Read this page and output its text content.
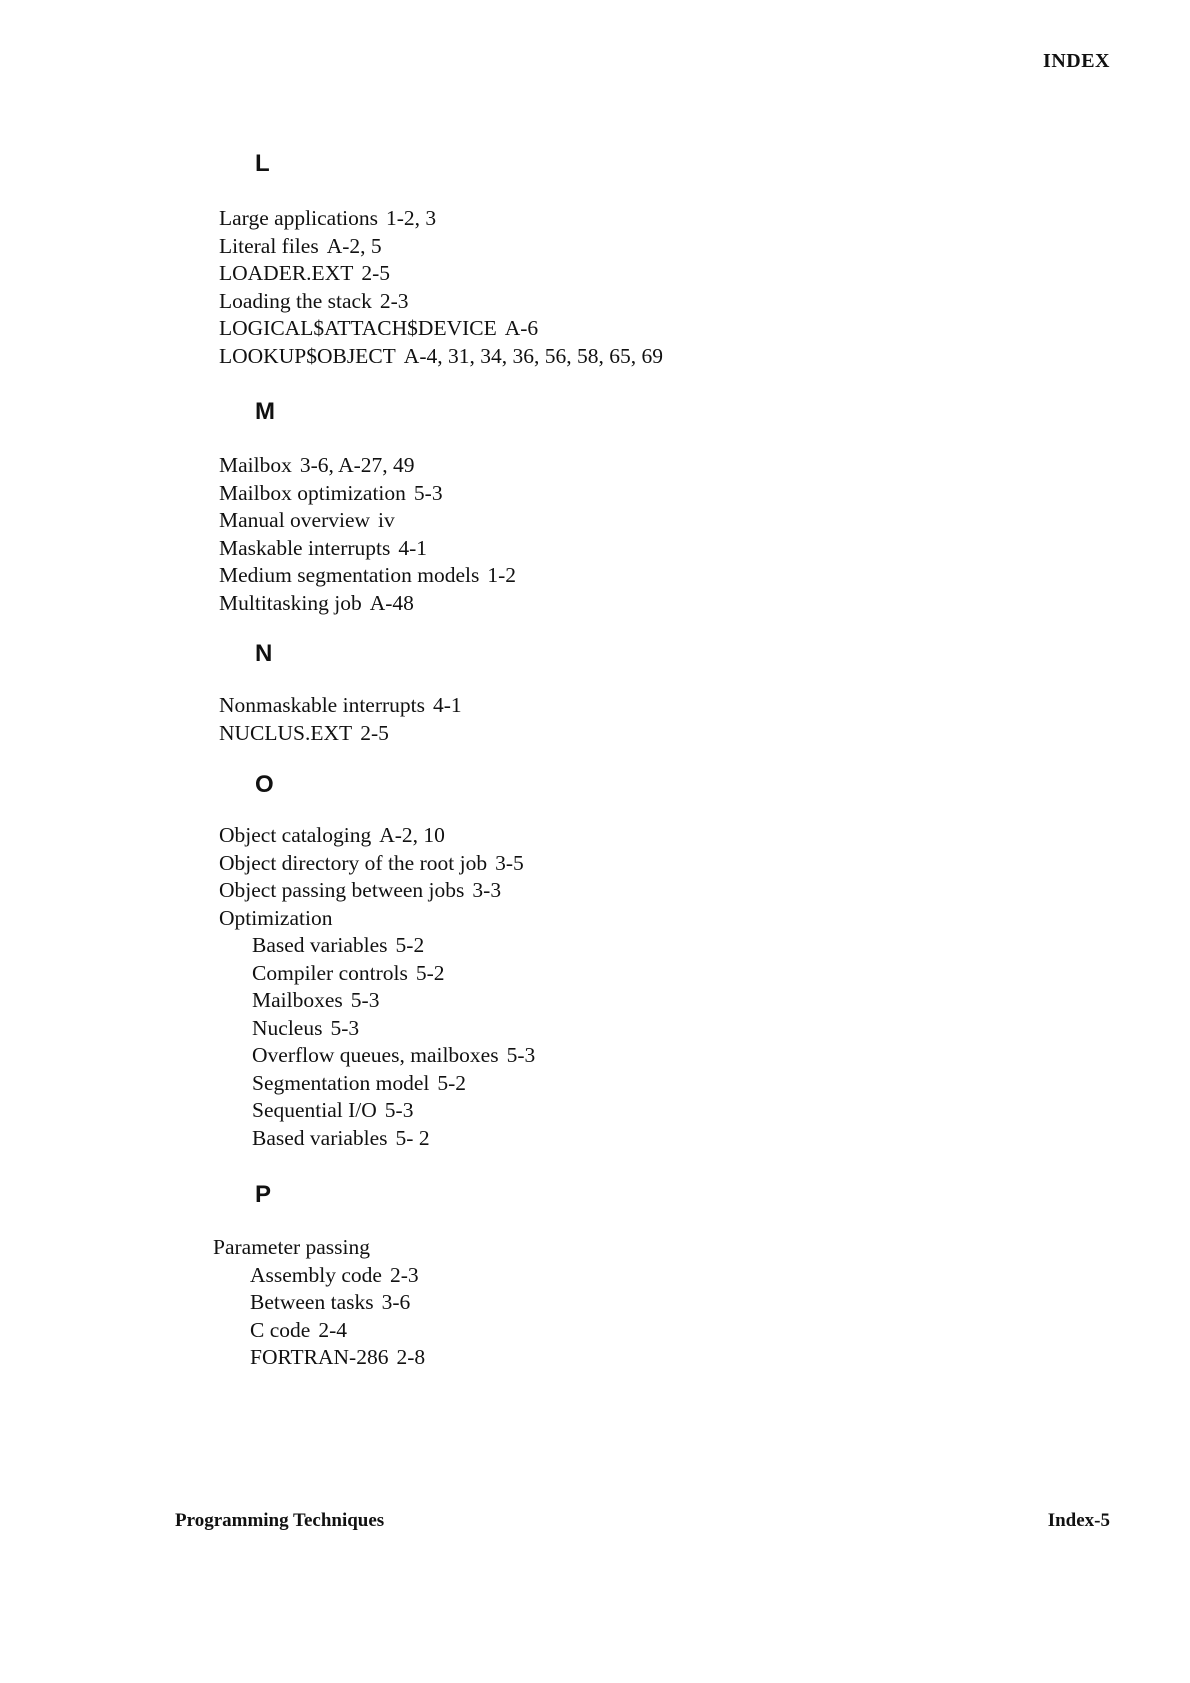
INDEX
L
Large applications 1-2, 3
Literal files A-2, 5
LOADER.EXT 2-5
Loading the stack 2-3
LOGICAL$ATTACH$DEVICE A-6
LOOKUP$OBJECT A-4, 31, 34, 36, 56, 58, 65, 69
M
Mailbox 3-6, A-27, 49
Mailbox optimization 5-3
Manual overview iv
Maskable interrupts 4-1
Medium segmentation models 1-2
Multitasking job A-48
N
Nonmaskable interrupts 4-1
NUCLUS.EXT 2-5
O
Object cataloging A-2, 10
Object directory of the root job 3-5
Object passing between jobs 3-3
Optimization
Based variables 5-2
Compiler controls 5-2
Mailboxes 5-3
Nucleus 5-3
Overflow queues, mailboxes 5-3
Segmentation model 5-2
Sequential I/O 5-3
Based variables 5- 2
P
Parameter passing
Assembly code 2-3
Between tasks 3-6
C code 2-4
FORTRAN-286 2-8
Programming Techniques	Index-5
